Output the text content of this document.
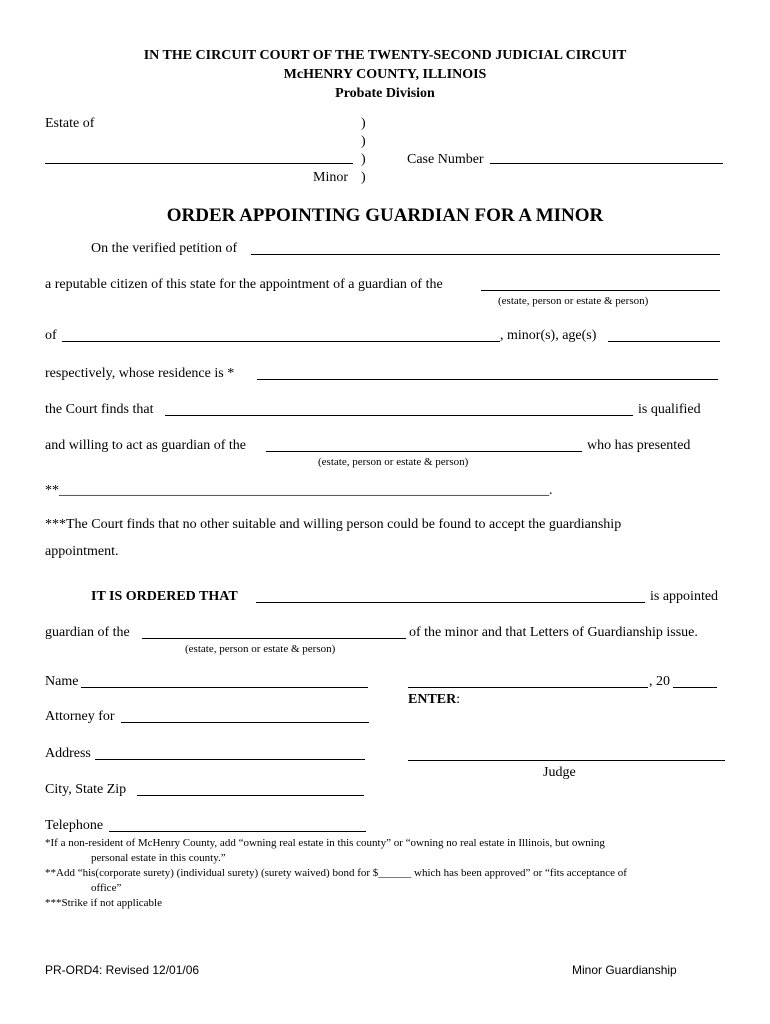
IN THE CIRCUIT COURT OF THE TWENTY-SECOND JUDICIAL CIRCUIT
McHENRY COUNTY, ILLINOIS
Probate Division
Estate of	)
)
)
)
Minor
Case Number
ORDER APPOINTING GUARDIAN FOR A MINOR
On the verified petition of
a reputable citizen of this state for the appointment of a guardian of the
(estate, person or estate & person)
of	, minor(s), age(s)
respectively, whose residence is *
the Court finds that	is qualified
and willing to act as guardian of the	who has presented
(estate, person or estate & person)
**______________________________________________________________________.
***The Court finds that no other suitable and willing person could be found to accept the guardianship
appointment.
IT IS ORDERED THAT	is appointed
guardian of the	of the minor and that Letters of Guardianship issue.
(estate, person or estate & person)
Name
Attorney for
Address
City, State Zip
Telephone
, 20
ENTER:
Judge
*If a non-resident of McHenry County, add “owning real estate in this county” or “owning no real estate in Illinois, but owning
personal estate in this county.”
**Add “his(corporate surety) (individual surety) (surety waived) bond for $______ which has been approved” or “fits acceptance of
office”
***Strike if not applicable
PR-ORD4: Revised 12/01/06	Minor Guardianship
